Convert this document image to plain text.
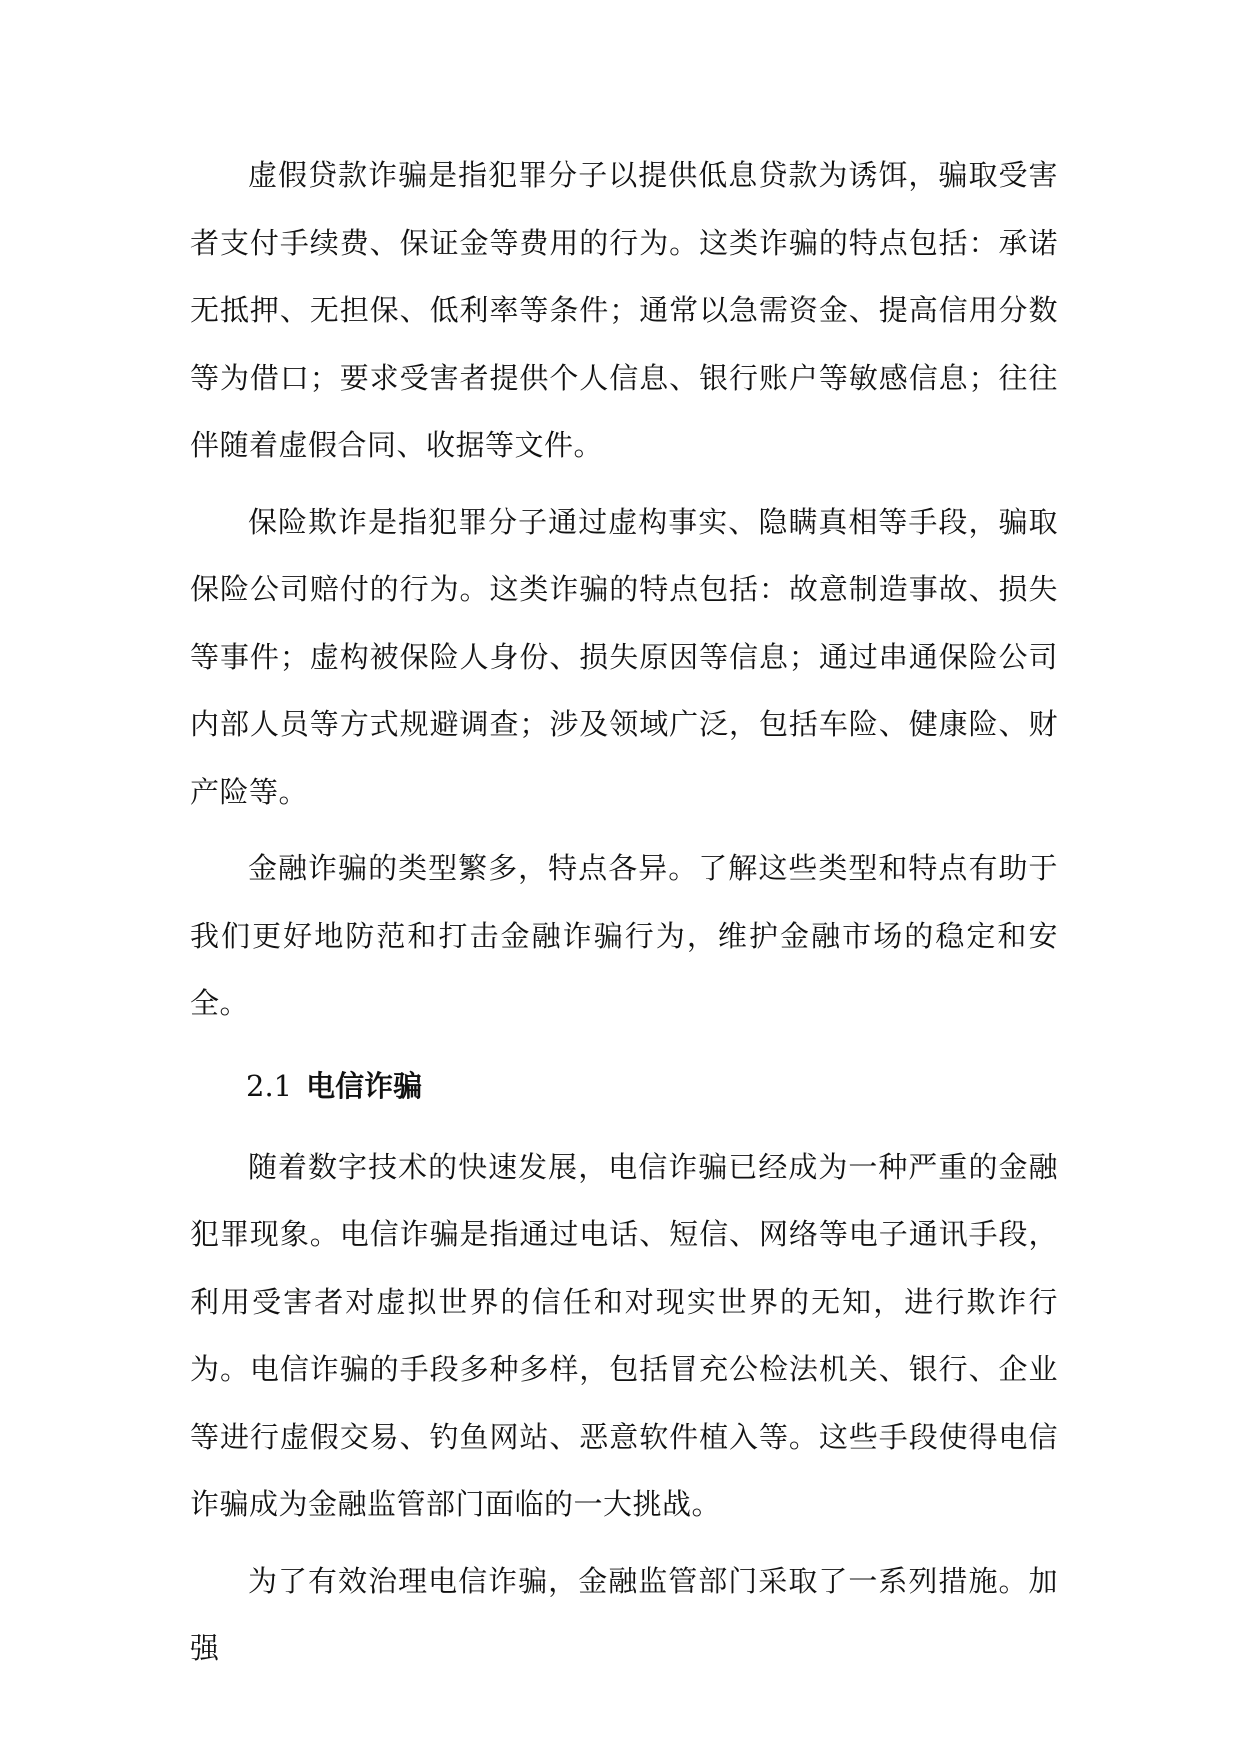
虚假贷款诈骗是指犯罪分子以提供低息贷款为诱饵，骗取受害者支付手续费、保证金等费用的行为。这类诈骗的特点包括：承诺无抵押、无担保、低利率等条件；通常以急需资金、提高信用分数等为借口；要求受害者提供个人信息、银行账户等敏感信息；往往伴随着虚假合同、收据等文件。

保险欺诈是指犯罪分子通过虚构事实、隐瞒真相等手段，骗取保险公司赔付的行为。这类诈骗的特点包括：故意制造事故、损失等事件；虚构被保险人身份、损失原因等信息；通过串通保险公司内部人员等方式规避调查；涉及领域广泛，包括车险、健康险、财产险等。

金融诈骗的类型繁多，特点各异。了解这些类型和特点有助于我们更好地防范和打击金融诈骗行为，维护金融市场的稳定和安全。

2.1 电信诈骗

随着数字技术的快速发展，电信诈骗已经成为一种严重的金融犯罪现象。电信诈骗是指通过电话、短信、网络等电子通讯手段，利用受害者对虚拟世界的信任和对现实世界的无知，进行欺诈行为。电信诈骗的手段多种多样，包括冒充公检法机关、银行、企业等进行虚假交易、钓鱼网站、恶意软件植入等。这些手段使得电信诈骗成为金融监管部门面临的一大挑战。

为了有效治理电信诈骗，金融监管部门采取了一系列措施。加强
